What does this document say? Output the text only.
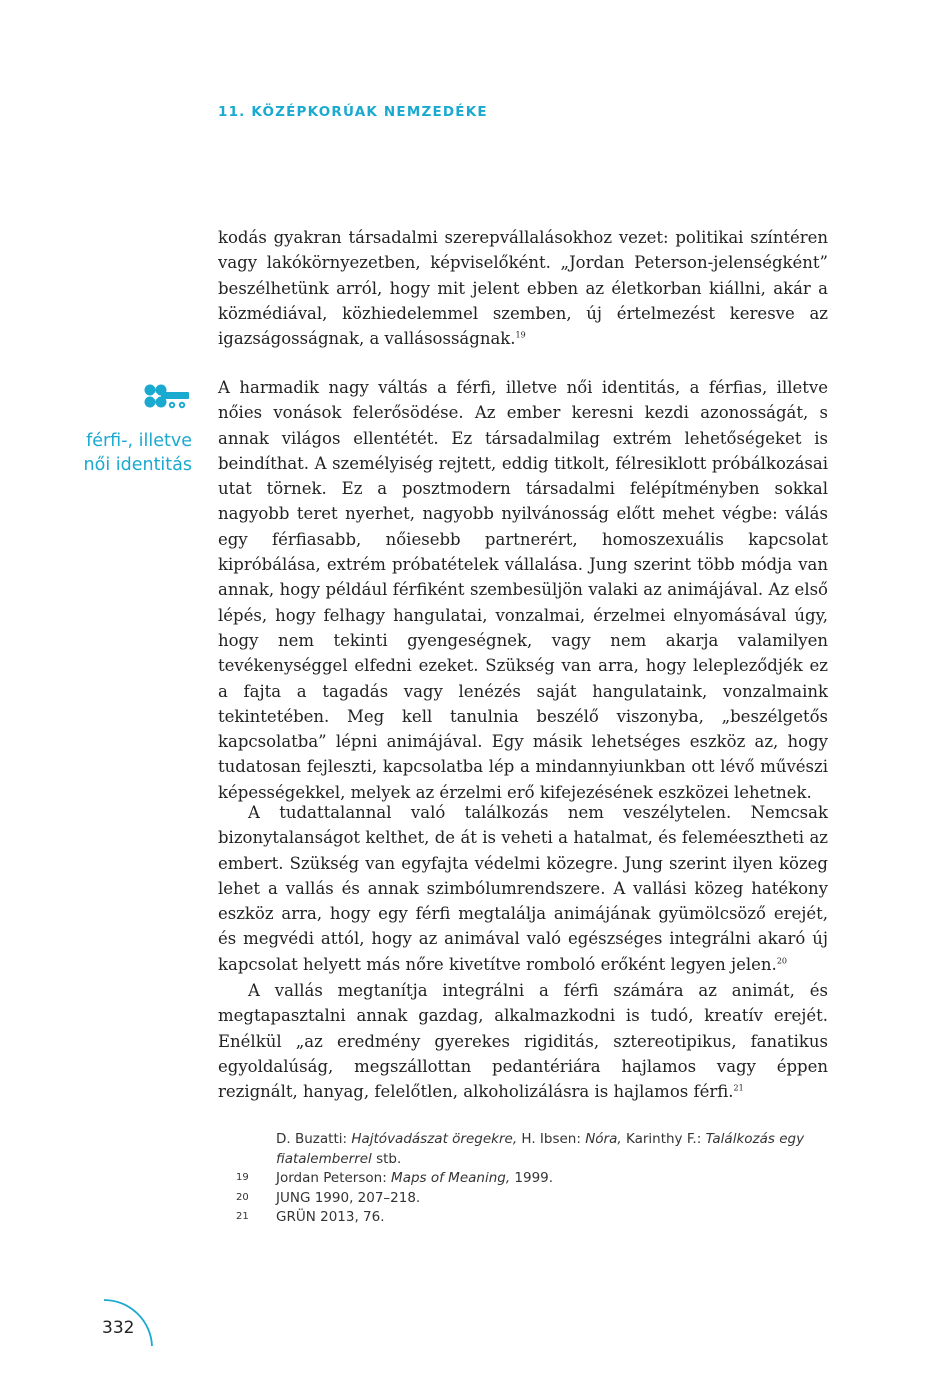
11. KÖZÉPKORÚAK NEMZEDÉKE

kodás gyakran társadalmi szerepvállalásokhoz vezet: politikai színtéren vagy lakókörnyezetben, képviselőként. „Jordan Peterson-jelenségként” beszélhetünk arról, hogy mit jelent ebben az életkorban kiállni, akár a közmédiával, közhiedelemmel szemben, új értelmezést keresve az igazságosságnak, a vallásosságnak.$^{19}$

férfi-, illetve
női identitás

A harmadik nagy váltás a férfi, illetve női identitás, a férfias, illetve nőies vonások felerősödése. Az ember keresni kezdi azonosságát, s annak világos ellentétét. Ez társadalmilag extrém lehetőségeket is beindíthat. A személyiség rejtett, eddig titkolt, félresiklott próbálkozásai utat törnek. Ez a posztmodern társadalmi felépítményben sokkal nagyobb teret nyerhet, nagyobb nyilvánosság előtt mehet végbe: válás egy férfiasabb, nőiesebb partnerért, homoszexuális kapcsolat kipróbálása, extrém próbatételek vállalása. Jung szerint több módja van annak, hogy például férfiként szembesüljön valaki az animájával. Az első lépés, hogy felhagy hangulatai, vonzalmai, érzelmei elnyomásával úgy, hogy nem tekinti gyengeségnek, vagy nem akarja valamilyen tevékenységgel elfedni ezeket. Szükség van arra, hogy lelepleződjék ez a fajta a tagadás vagy lenézés saját hangulataink, vonzalmaink tekintetében. Meg kell tanulnia beszélő viszonyba, „beszélgetős kapcsolatba” lépni animájával. Egy másik lehetséges eszköz az, hogy tudatosan fejleszti, kapcsolatba lép a mindannyiunkban ott lévő művészi képességekkel, melyek az érzelmi erő kifejezésének eszközei lehetnek.

A tudattalannal való találkozás nem veszélytelen. Nemcsak bizonytalanságot kelthet, de át is veheti a hatalmat, és feleméesztheti az embert. Szükség van egyfajta védelmi közegre. Jung szerint ilyen közeg lehet a vallás és annak szimbólumrendszere. A vallási közeg hatékony eszköz arra, hogy egy férfi megtalálja animájának gyümölcsöző erejét, és megvédi attól, hogy az animával való egészséges integrálni akaró új kapcsolat helyett más nőre kivetítve romboló erőként legyen jelen.$^{20}$

A vallás megtanítja integrálni a férfi számára az animát, és megtapasztalni annak gazdag, alkalmazkodni is tudó, kreatív erejét. Enélkül „az eredmény gyerekes rigiditás, sztereotipikus, fanatikus egyoldalúság, megszállottan pedantériára hajlamos vagy éppen rezignált, hanyag, felelőtlen, alkoholizálásra is hajlamos férfi.$^{21}$

D. Buzatti: Hajtóvadászat öregekre, H. Ibsen: Nóra, Karinthy F.: Találkozás egy fiatalemberrel stb.
19	Jordan Peterson: Maps of Meaning, 1999.
20	JUNG 1990, 207–218.
21	GRÜN 2013, 76.
332
